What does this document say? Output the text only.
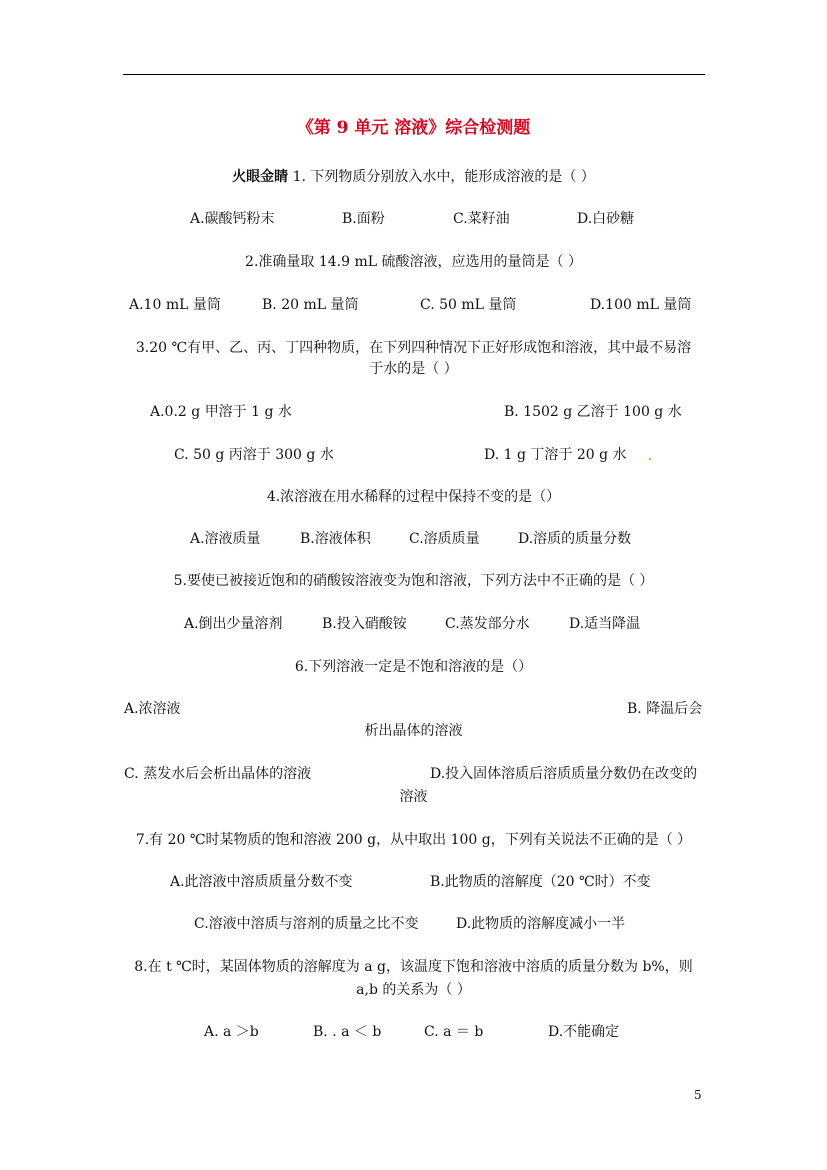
《第 9 单元 溶液》综合检测题
火眼金睛 1. 下列物质分别放入水中，能形成溶液的是（ ）
A.碳酸钙粉末	B.面粉	C.菜籽油	D.白砂糖
2.准确量取 14.9 mL 硫酸溶液，应选用的量筒是（ ）
A.10 mL 量筒	B. 20 mL 量筒	C. 50 mL 量筒	D.100 mL 量筒
3.20 ℃有甲、乙、丙、丁四种物质，在下列四种情况下正好形成饱和溶液，其中最不易溶
于水的是（ ）
A.0.2 g 甲溶于 1 g 水	B. 1502 g 乙溶于 100 g 水
C. 50 g 丙溶于 300 g 水	D. 1 g 丁溶于 20 g 水
4.浓溶液在用水稀释的过程中保持不变的是（）
A.溶液质量	B.溶液体积	C.溶质质量	D.溶质的质量分数
5.要使已被接近饱和的硝酸铵溶液变为饱和溶液，下列方法中不正确的是（ ）
A.倒出少量溶剂	B.投入硝酸铵	C.蒸发部分水	D.适当降温
6.下列溶液一定是不饱和溶液的是（）
A.浓溶液	B. 降温后会
析出晶体的溶液
C. 蒸发水后会析出晶体的溶液	D.投入固体溶质后溶质质量分数仍在改变的
溶液
7.有 20 ℃时某物质的饱和溶液 200 g，从中取出 100 g，下列有关说法不正确的是（ ）
A.此溶液中溶质质量分数不变	B.此物质的溶解度（20 ℃时）不变
C.溶液中溶质与溶剂的质量之比不变	D.此物质的溶解度减小一半
8.在 t ℃时，某固体物质的溶解度为 a g，该温度下饱和溶液中溶质的质量分数为 b%，则
a,b 的关系为（ ）
A. a ＞b	B. . a ＜ b	C. a ＝ b	D.不能确定
5
